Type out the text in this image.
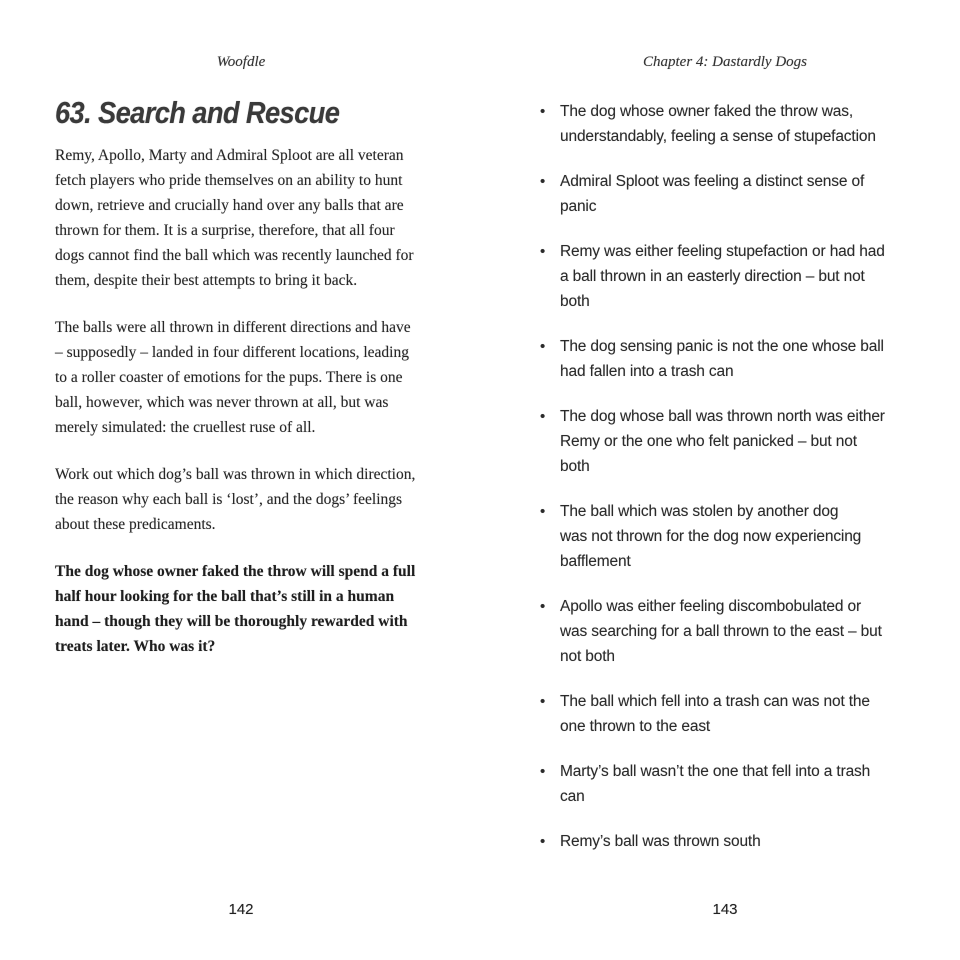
Woofdle
63. Search and Rescue

Remy, Apollo, Marty and Admiral Sploot are all veteran
fetch players who pride themselves on an ability to hunt
down, retrieve and crucially hand over any balls that are
thrown for them. It is a surprise, therefore, that all four
dogs cannot find the ball which was recently launched for
them, despite their best attempts to bring it back.

The balls were all thrown in different directions and have
– supposedly – landed in four different locations, leading
to a roller coaster of emotions for the pups. There is one
ball, however, which was never thrown at all, but was
merely simulated: the cruellest ruse of all.

Work out which dog’s ball was thrown in which direction,
the reason why each ball is ‘lost’, and the dogs’ feelings
about these predicaments.

The dog whose owner faked the throw will spend a full
half hour looking for the ball that’s still in a human
hand – though they will be thoroughly rewarded with
treats later. Who was it?

Chapter 4: Dastardly Dogs
• The dog whose owner faked the throw was,
understandably, feeling a sense of stupefaction
• Admiral Sploot was feeling a distinct sense of
panic
• Remy was either feeling stupefaction or had had
a ball thrown in an easterly direction – but not
both
• The dog sensing panic is not the one whose ball
had fallen into a trash can
• The dog whose ball was thrown north was either
Remy or the one who felt panicked – but not
both
• The ball which was stolen by another dog
was not thrown for the dog now experiencing
bafflement
• Apollo was either feeling discombobulated or
was searching for a ball thrown to the east – but
not both
• The ball which fell into a trash can was not the
one thrown to the east
• Marty’s ball wasn’t the one that fell into a trash
can
• Remy’s ball was thrown south
142	143
